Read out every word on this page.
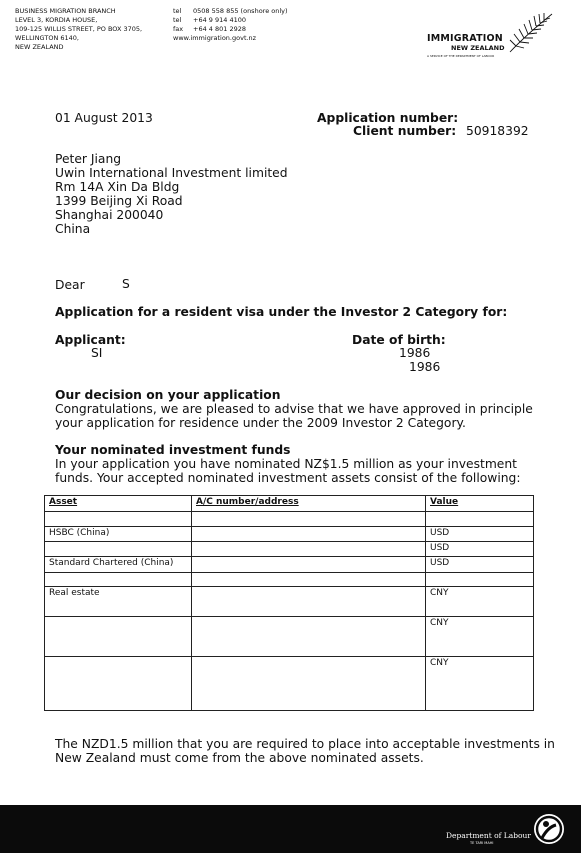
BUSINESS MIGRATION BRANCH
LEVEL 3, KORDIA HOUSE,
109-125 WILLIS STREET, PO BOX 3705,
WELLINGTON 6140,
NEW ZEALAND
tel 0508 558 855 (onshore only)
tel +64 9 914 4100
fax +64 4 801 2928
www.immigration.govt.nz	IMMIGRATION
NEW ZEALAND
A SERVICE OF THE DEPARTMENT OF LABOUR
01 August 2013	Application number:
Client number: 50918392
Peter Jiang
Uwin International Investment limited
Rm 14A Xin Da Bldg
1399 Beijing Xi Road
Shanghai 200040
China
Dear	S
Application for a resident visa under the Investor 2 Category for:
Applicant:
SI
Date of birth:
1986
1986
Our decision on your application
Congratulations, we are pleased to advise that we have approved in principle
your application for residence under the 2009 Investor 2 Category.
Your nominated investment funds
In your application you have nominated NZ$1.5 million as your investment
funds. Your accepted nominated investment assets consist of the following:
Asset	A/C number/address	Value

HSBC (China)		USD
		USD
Standard Chartered (China)		USD

Real estate		CNY
		CNY
		CNY
The NZD1.5 million that you are required to place into acceptable investments in
New Zealand must come from the above nominated assets.
Department of Labour
TE TARI MAHI
